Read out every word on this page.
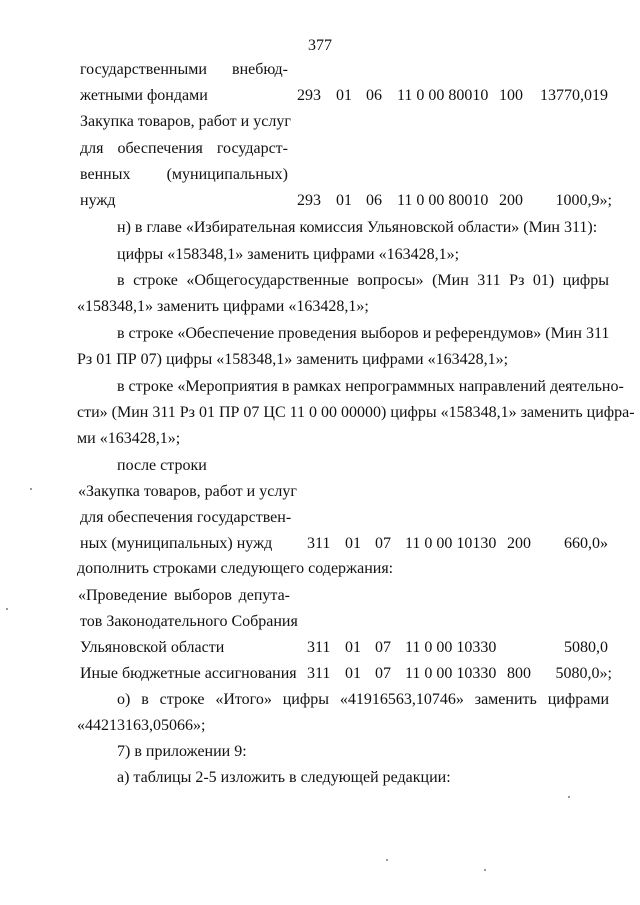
377
государственными внебюд-
жетными фондами	293 01 06 11 0 00 80010 100	13770,019
Закупка товаров, работ и услуг
для обеспечения государст-
венных (муниципальных)
нужд	293 01 06 11 0 00 80010 200	1000,9»;
н) в главе «Избирательная комиссия Ульяновской области» (Мин 311):
цифры «158348,1» заменить цифрами «163428,1»;
в строке «Общегосударственные вопросы» (Мин 311 Рз 01) цифры
«158348,1» заменить цифрами «163428,1»;
в строке «Обеспечение проведения выборов и референдумов» (Мин 311
Рз 01 ПР 07) цифры «158348,1» заменить цифрами «163428,1»;
в строке «Мероприятия в рамках непрограммных направлений деятельно-
сти» (Мин 311 Рз 01 ПР 07 ЦС 11 0 00 00000) цифры «158348,1» заменить цифра-
ми «163428,1»;
после строки
«Закупка товаров, работ и услуг
для обеспечения государствен-
ных (муниципальных) нужд 311 01 07 11 0 00 10130 200	660,0»
дополнить строками следующего содержания:
«Проведение выборов депута-
тов Законодательного Собрания
Ульяновской области	311 01 07 11 0 00 10330	5080,0
Иные бюджетные ассигнования 311 01 07 11 0 00 10330 800	5080,0»;
о) в строке «Итого» цифры «41916563,10746» заменить цифрами
«44213163,05066»;
7) в приложении 9:
а) таблицы 2-5 изложить в следующей редакции:
